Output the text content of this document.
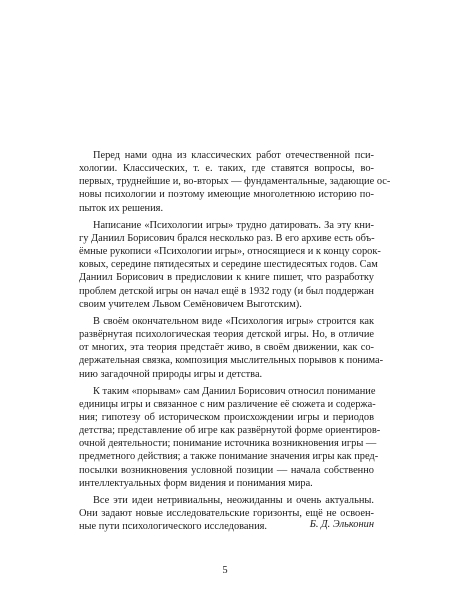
Перед нами одна из классических работ отечественной пси-
хологии. Классических, т. е. таких, где ставятся вопросы, во-
первых, труднейшие и, во-вторых — фундаментальные, задающие ос-
новы психологии и поэтому имеющие многолетнюю историю по-
пыток их решения.

Написание «Психологии игры» трудно датировать. За эту кни-
гу Даниил Борисович брался несколько раз. В его архиве есть объ-
ёмные рукописи «Психологии игры», относящиеся и к концу сорок-
ковых, середине пятидесятых и середине шестидесятых годов. Сам
Даниил Борисович в предисловии к книге пишет, что разработку
проблем детской игры он начал ещё в 1932 году (и был поддержан
своим учителем Львом Семёновичем Выготским).

В своём окончательном виде «Психология игры» строится как
развёрнутая психологическая теория детской игры. Но, в отличие
от многих, эта теория предстаёт живо, в своём движении, как со-
держательная связка, композиция мыслительных порывов к понима-
нию загадочной природы игры и детства.

К таким «порывам» сам Даниил Борисович относил понимание
единицы игры и связанное с ним различение её сюжета и содержа-
ния; гипотезу об историческом происхождении игры и периодов
детства; представление об игре как развёрнутой форме ориентиров-
очной деятельности; понимание источника возникновения игры —
предметного действия; а также понимание значения игры как пред-
посылки возникновения условной позиции — начала собственно
интеллектуальных форм видения и понимания мира.

Все эти идеи нетривиальны, неожиданны и очень актуальны.
Они задают новые исследовательские горизонты, ещё не освоен-
ные пути психологического исследования.	Б. Д. Эльконин
5
